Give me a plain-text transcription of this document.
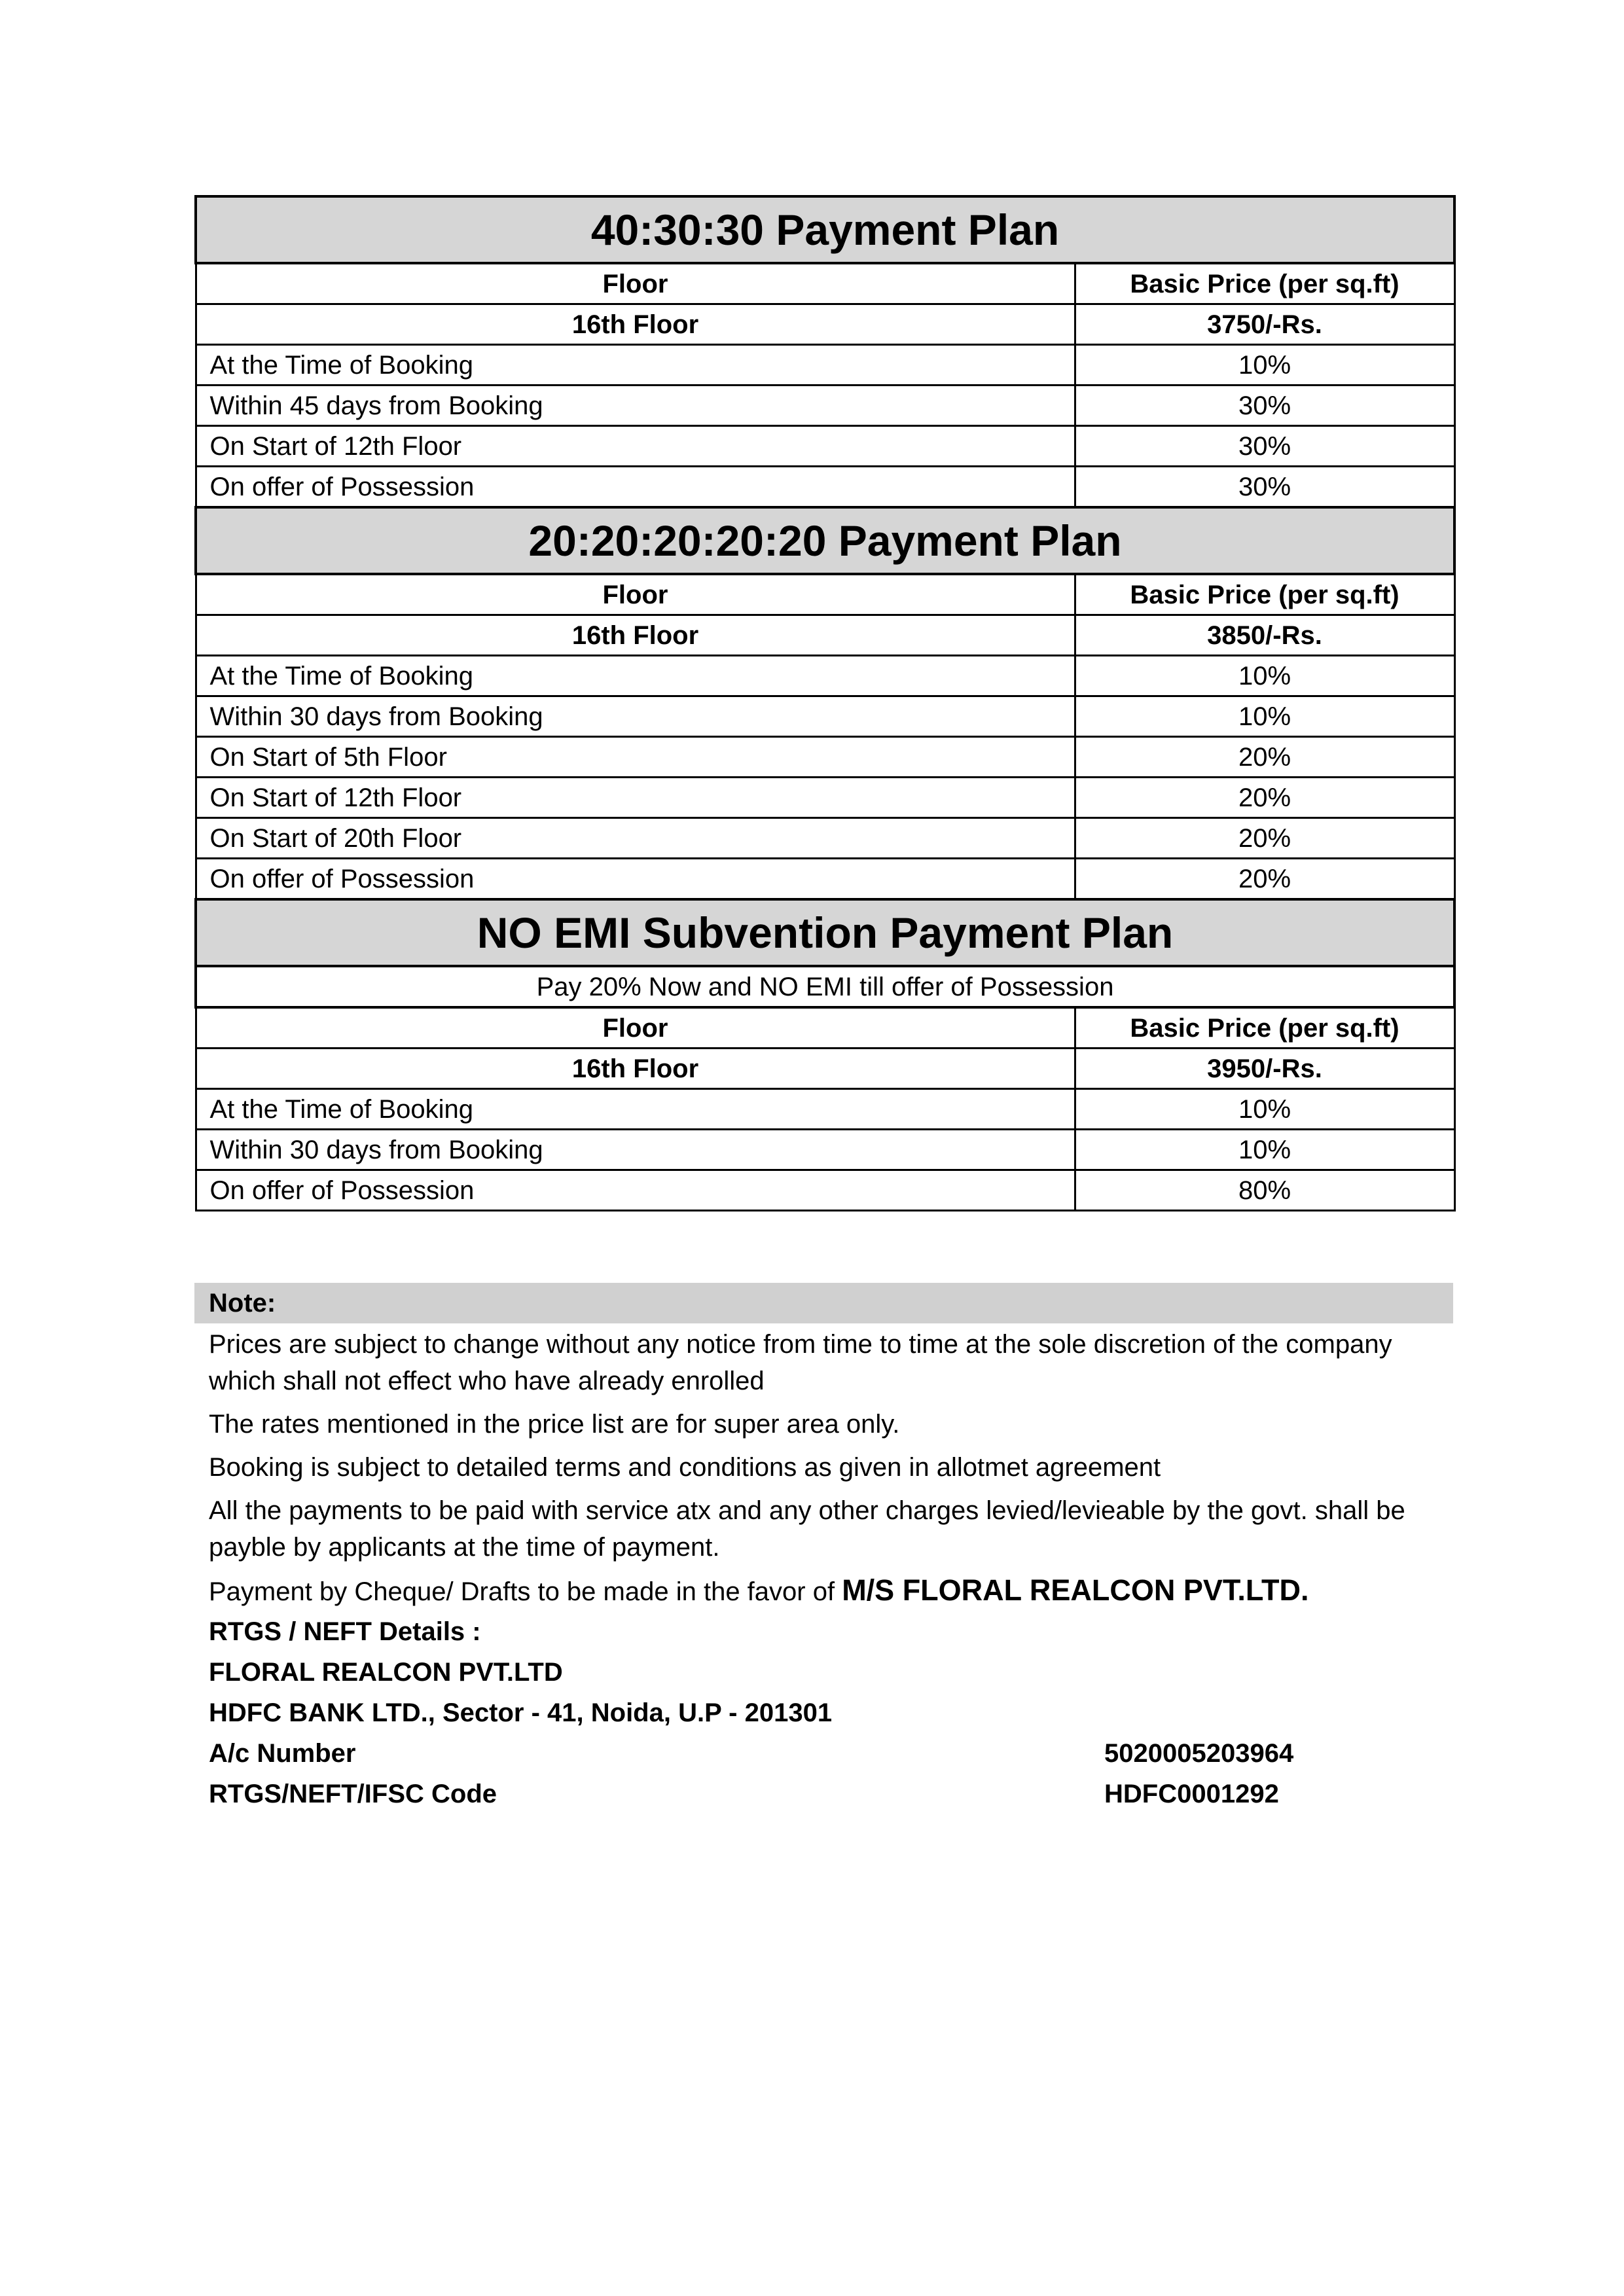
40:30:30 Payment Plan	
Floor	Basic Price (per sq.ft)
16th Floor	3750/-Rs.
At the Time of Booking	10%
Within 45 days from Booking	30%
On Start of 12th Floor	30%
On offer of Possession	30%
20:20:20:20:20 Payment Plan	
Floor	Basic Price (per sq.ft)
16th Floor	3850/-Rs.
At the Time of Booking	10%
Within 30 days from Booking	10%
On Start of 5th Floor	20%
On Start of 12th Floor	20%
On Start of 20th Floor	20%
On offer of Possession	20%
NO EMI Subvention Payment Plan	
Pay 20% Now and NO EMI till offer of Possession	
Floor	Basic Price (per sq.ft)
16th Floor	3950/-Rs.
At the Time of Booking	10%
Within 30 days from Booking	10%
On offer of Possession	80%
Note:
Prices are subject to change without any notice from time to time at the sole discretion of the company which shall not effect who have already enrolled
The rates mentioned in the price list are for super area only.
Booking is subject to detailed terms and conditions as given in allotmet agreement
All the payments to be paid with service atx and any other charges levied/levieable by the govt. shall be payble by applicants at the time of payment.
Payment by Cheque/ Drafts to be made in the favor of M/S FLORAL REALCON PVT.LTD.
RTGS / NEFT Details :
FLORAL REALCON PVT.LTD
HDFC BANK LTD., Sector - 41, Noida, U.P - 201301
A/c Number	5020005203964
RTGS/NEFT/IFSC Code	HDFC0001292
